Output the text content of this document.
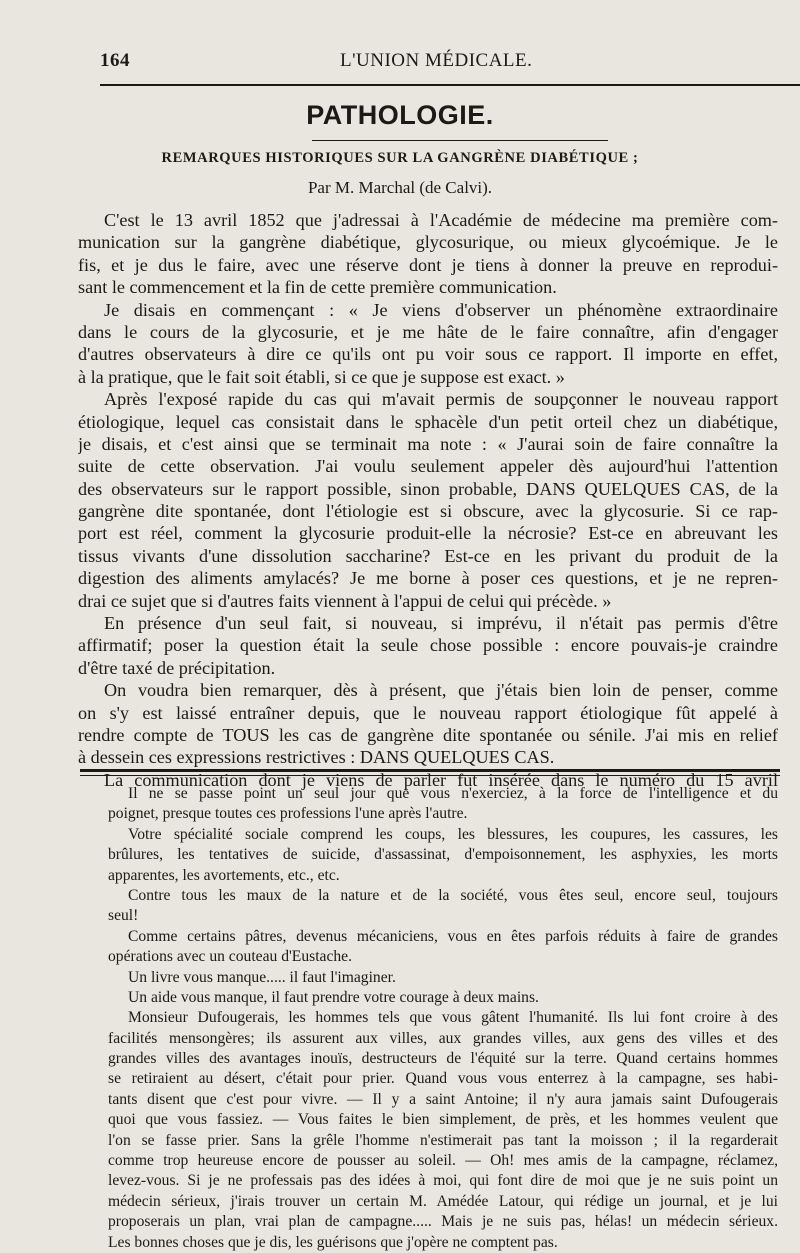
164	L'UNION MÉDICALE.
PATHOLOGIE.
REMARQUES HISTORIQUES SUR LA GANGRÈNE DIABÉTIQUE ;
Par M. Marchal (de Calvi).
C'est le 13 avril 1852 que j'adressai à l'Académie de médecine ma première com-
munication sur la gangrène diabétique, glycosurique, ou mieux glycoémique. Je le
fis, et je dus le faire, avec une réserve dont je tiens à donner la preuve en reprodui-
sant le commencement et la fin de cette première communication.
Je disais en commençant : « Je viens d'observer un phénomène extraordinaire
dans le cours de la glycosurie, et je me hâte de le faire connaître, afin d'engager
d'autres observateurs à dire ce qu'ils ont pu voir sous ce rapport. Il importe en effet,
à la pratique, que le fait soit établi, si ce que je suppose est exact. »
Après l'exposé rapide du cas qui m'avait permis de soupçonner le nouveau rapport
étiologique, lequel cas consistait dans le sphacèle d'un petit orteil chez un diabétique,
je disais, et c'est ainsi que se terminait ma note : « J'aurai soin de faire connaître la
suite de cette observation. J'ai voulu seulement appeler dès aujourd'hui l'attention
des observateurs sur le rapport possible, sinon probable, DANS QUELQUES CAS, de la
gangrène dite spontanée, dont l'étiologie est si obscure, avec la glycosurie. Si ce rap-
port est réel, comment la glycosurie produit-elle la nécrosie? Est-ce en abreuvant les
tissus vivants d'une dissolution saccharine? Est-ce en les privant du produit de la
digestion des aliments amylacés? Je me borne à poser ces questions, et je ne repren-
drai ce sujet que si d'autres faits viennent à l'appui de celui qui précède. »
En présence d'un seul fait, si nouveau, si imprévu, il n'était pas permis d'être
affirmatif; poser la question était la seule chose possible : encore pouvais-je craindre
d'être taxé de précipitation.
On voudra bien remarquer, dès à présent, que j'étais bien loin de penser, comme
on s'y est laissé entraîner depuis, que le nouveau rapport étiologique fût appelé à
rendre compte de TOUS les cas de gangrène dite spontanée ou sénile. J'ai mis en relief
à dessein ces expressions restrictives : DANS QUELQUES CAS.
La communication dont je viens de parler fut insérée dans le numéro du 15 avril
Il ne se passe point un seul jour que vous n'exerciez, à la force de l'intelligence et du
poignet, presque toutes ces professions l'une après l'autre.
Votre spécialité sociale comprend les coups, les blessures, les coupures, les cassures, les
brûlures, les tentatives de suicide, d'assassinat, d'empoisonnement, les asphyxies, les morts
apparentes, les avortements, etc., etc.
Contre tous les maux de la nature et de la société, vous êtes seul, encore seul, toujours
seul!
Comme certains pâtres, devenus mécaniciens, vous en êtes parfois réduits à faire de grandes
opérations avec un couteau d'Eustache.
Un livre vous manque..... il faut l'imaginer.
Un aide vous manque, il faut prendre votre courage à deux mains.
Monsieur Dufougerais, les hommes tels que vous gâtent l'humanité. Ils lui font croire à des
facilités mensongères; ils assurent aux villes, aux grandes villes, aux gens des villes et des
grandes villes des avantages inouïs, destructeurs de l'équité sur la terre. Quand certains hommes
se retiraient au désert, c'était pour prier. Quand vous vous enterrez à la campagne, ses habi-
tants disent que c'est pour vivre. — Il y a saint Antoine; il n'y aura jamais saint Dufougerais
quoi que vous fassiez. — Vous faites le bien simplement, de près, et les hommes veulent que
l'on se fasse prier. Sans la grêle l'homme n'estimerait pas tant la moisson ; il la regarderait
comme trop heureuse encore de pousser au soleil. — Oh! mes amis de la campagne, réclamez,
levez-vous. Si je ne professais pas des idées à moi, qui font dire de moi que je ne suis point un
médecin sérieux, j'irais trouver un certain M. Amédée Latour, qui rédige un journal, et je lui
proposerais un plan, vrai plan de campagne..... Mais je ne suis pas, hélas! un médecin sérieux.
Les bonnes choses que je dis, les guérisons que j'opère ne comptent pas.
